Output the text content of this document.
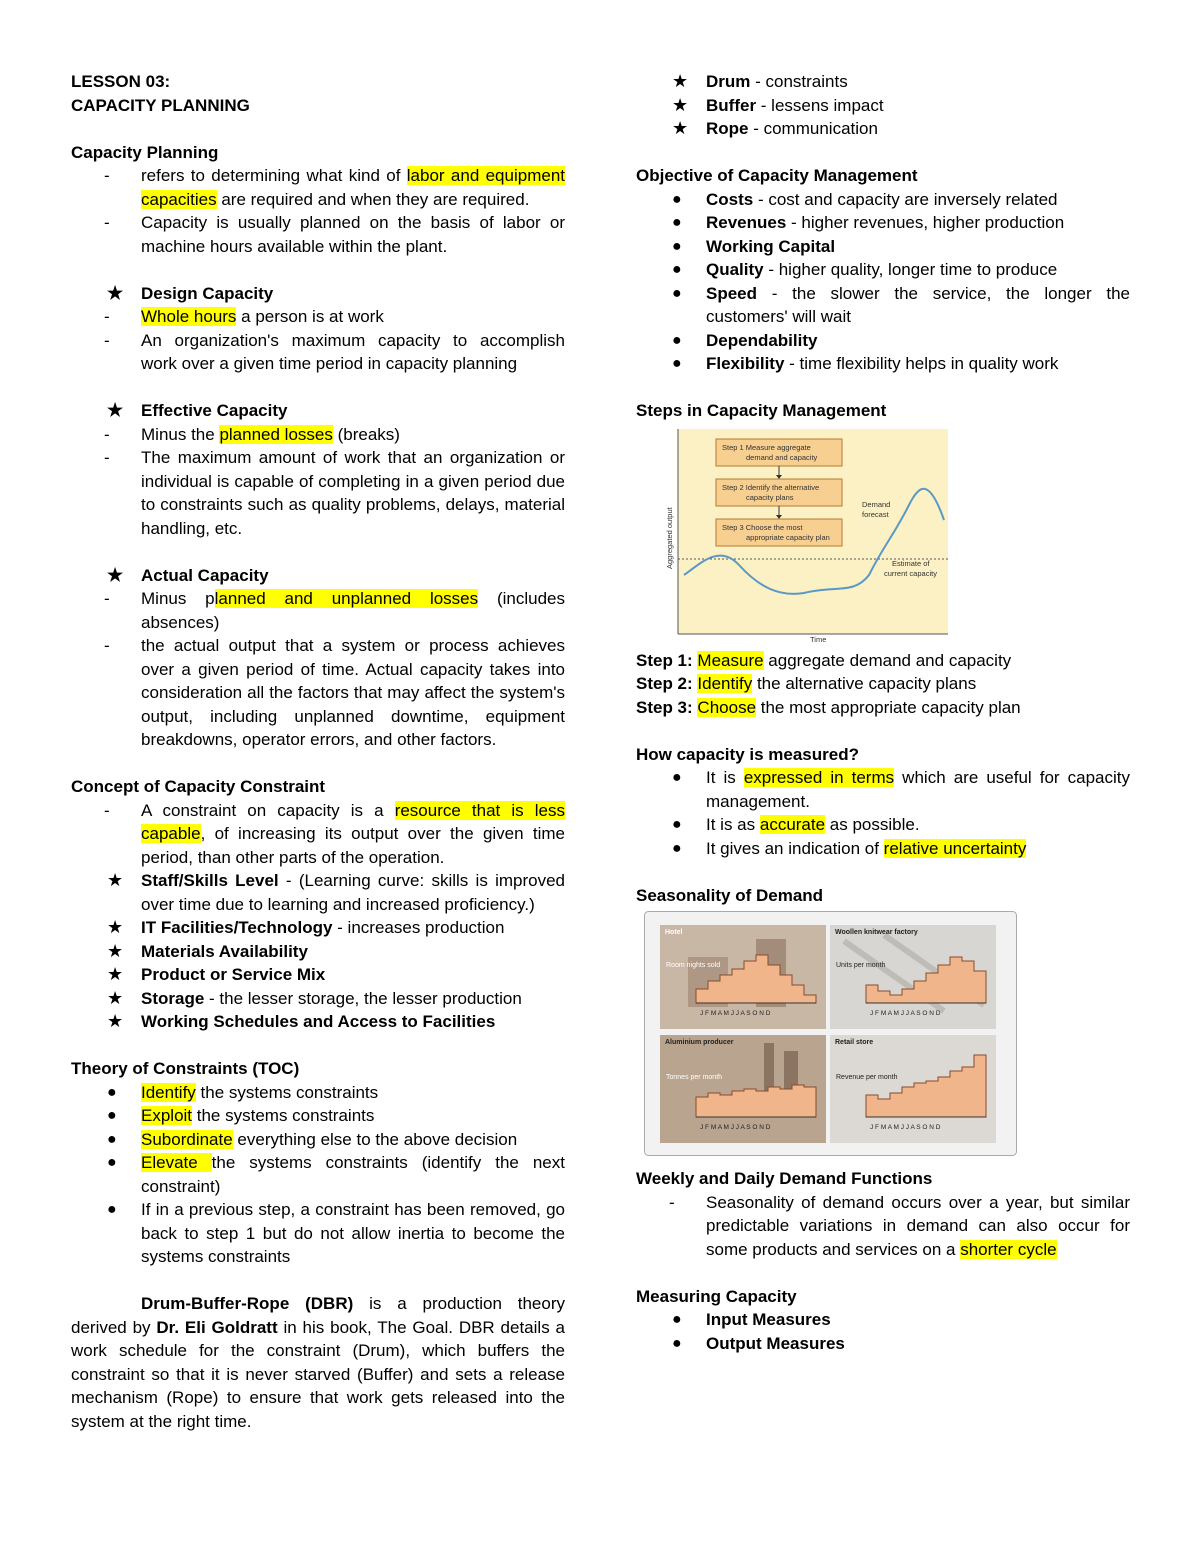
LESSON 03:
CAPACITY PLANNING
Capacity Planning
- refers to determining what kind of labor and equipment capacities are required and when they are required.
- Capacity is usually planned on the basis of labor or machine hours available within the plant.
★ Design Capacity
- Whole hours a person is at work
- An organization's maximum capacity to accomplish work over a given time period in capacity planning
★ Effective Capacity
- Minus the planned losses (breaks)
- The maximum amount of work that an organization or individual is capable of completing in a given period due to constraints such as quality problems, delays, material handling, etc.
★ Actual Capacity
- Minus planned and unplanned losses (includes absences)
- the actual output that a system or process achieves over a given period of time. Actual capacity takes into consideration all the factors that may affect the system's output, including unplanned downtime, equipment breakdowns, operator errors, and other factors.
Concept of Capacity Constraint
- A constraint on capacity is a resource that is less capable, of increasing its output over the given time period, than other parts of the operation.
★ Staff/Skills Level - (Learning curve: skills is improved over time due to learning and increased proficiency.)
★ IT Facilities/Technology - increases production
★ Materials Availability
★ Product or Service Mix
★ Storage - the lesser storage, the lesser production
★ Working Schedules and Access to Facilities
Theory of Constraints (TOC)
● Identify the systems constraints
● Exploit the systems constraints
● Subordinate everything else to the above decision
● Elevate the systems constraints (identify the next constraint)
● If in a previous step, a constraint has been removed, go back to step 1 but do not allow inertia to become the systems constraints
Drum-Buffer-Rope (DBR) is a production theory derived by Dr. Eli Goldratt in his book, The Goal. DBR details a work schedule for the constraint (Drum), which buffers the constraint so that it is never starved (Buffer) and sets a release mechanism (Rope) to ensure that work gets released into the system at the right time.
★ Drum - constraints
★ Buffer - lessens impact
★ Rope - communication
Objective of Capacity Management
● Costs - cost and capacity are inversely related
● Revenues - higher revenues, higher production
● Working Capital
● Quality - higher quality, longer time to produce
● Speed - the slower the service, the longer the customers' will wait
● Dependability
● Flexibility - time flexibility helps in quality work
Steps in Capacity Management
Step 1 Measure aggregate
demand and capacity
Step 2 Identify the alternative
capacity plans
Step 3 Choose the most
appropriate capacity plan
Demand
forecast
Estimate of
current capacity
Time
Aggregated output
Step 1: Measure aggregate demand and capacity
Step 2: Identify the alternative capacity plans
Step 3: Choose the most appropriate capacity plan
How capacity is measured?
● It is expressed in terms which are useful for capacity management.
● It is as accurate as possible.
● It gives an indication of relative uncertainty
Seasonality of Demand
Hotel
Room nights sold
J F M A M J J A S O N D
Woollen knitwear factory
Units per month
J F M A M J J A S O N D
Aluminium producer
Tonnes per month
J F M A M J J A S O N D
Retail store
Revenue per month
J F M A M J J A S O N D
Weekly and Daily Demand Functions
- Seasonality of demand occurs over a year, but similar predictable variations in demand can also occur for some products and services on a shorter cycle
Measuring Capacity
● Input Measures
● Output Measures
